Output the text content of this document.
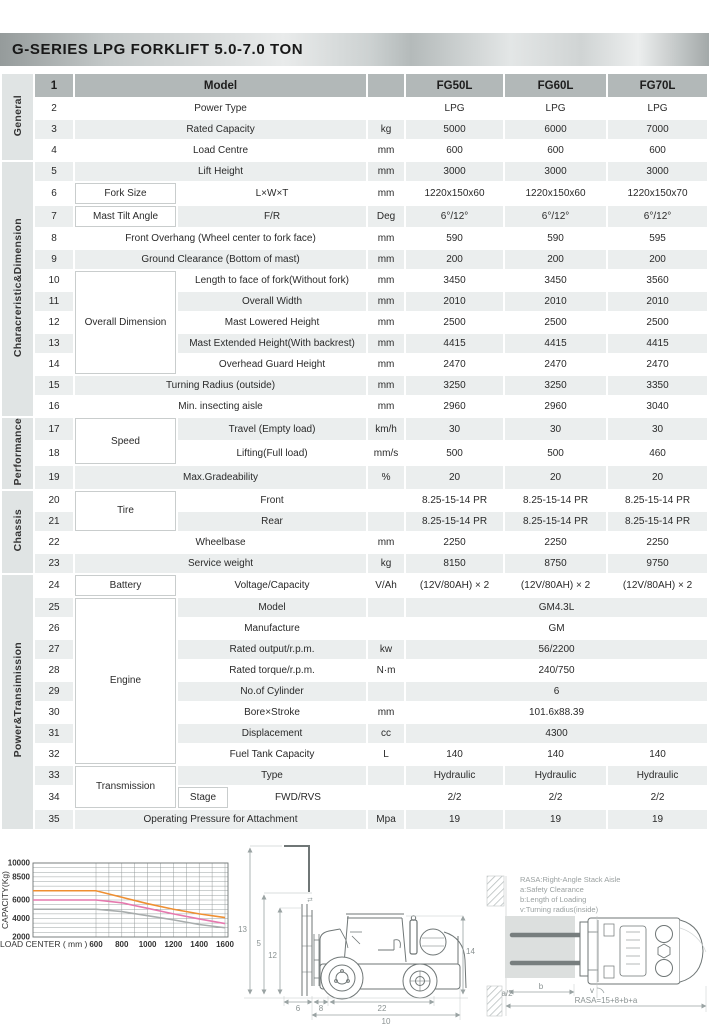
G-SERIES LPG FORKLIFT 5.0-7.0 TON
General	1	Model				FG50L	FG60L	FG70L
	2	Power Type				LPG	LPG	LPG
	3	Rated Capacity			kg	5000	6000	7000
	4	Load Centre			mm	600	600	600
Characreristic&Dimension	5	Lift Height			mm	3000	3000	3000
	6	Fork Size	L×W×T		mm	1220x150x60	1220x150x60	1220x150x70
	7	Mast Tilt Angle	F/R		Deg	6°/12°	6°/12°	6°/12°
	8	Front Overhang (Wheel center to fork face)			mm	590	590	595
	9	Ground Clearance (Bottom of mast)			mm	200	200	200
	10	Overall Dimension	Length to face of fork(Without fork)		mm	3450	3450	3560
	11		Overall Width		mm	2010	2010	2010
	12		Mast Lowered Height		mm	2500	2500	2500
	13		Mast Extended Height(With backrest)		mm	4415	4415	4415
	14		Overhead Guard Height		mm	2470	2470	2470
	15	Turning Radius (outside)			mm	3250	3250	3350
	16	Min. insecting aisle			mm	2960	2960	3040
Performance	17	Speed	Travel (Empty load)		km/h	30	30	30
	18		Lifting(Full load)		mm/s	500	500	460
	19	Max.Gradeability			%	20	20	20
Chassis	20	Tire	Front			8.25-15-14 PR	8.25-15-14 PR	8.25-15-14 PR
	21		Rear			8.25-15-14 PR	8.25-15-14 PR	8.25-15-14 PR
	22	Wheelbase			mm	2250	2250	2250
	23	Service weight			kg	8150	8750	9750
Power&Transimission	24	Battery	Voltage/Capacity		V/Ah	(12V/80AH) × 2	(12V/80AH) × 2	(12V/80AH) × 2
	25	Engine	Model			GM4.3L		
	26		Manufacture			GM		
	27		Rated output/r.p.m.		kw	56/2200		
	28		Rated torque/r.p.m.		N·m	240/750		
	29		No.of Cylinder			6		
	30		Bore×Stroke		mm	101.6x88.39		
	31		Displacement		cc	4300		
	32		Fuel Tank Capacity		L	140	140	140
	33	Transmission	Type			Hydraulic	Hydraulic	Hydraulic
	34		Stage	FWD/RVS		2/2	2/2	2/2
	35	Operating Pressure for Attachment			Mpa	19	19	19
10000
8500
6000
4000
2000
600 800 1000 1200 1400 1600
LOAD CENTER ( mm )
CAPACITY(Kg)	⇄
13
5
12	14
6 8	22
10
RASA:Right-Angle Stack Aisle
a:Safety Clearance
b:Length of Loading
v:Turning radius(inside)
b
a/2	v
RASA=15+8+b+a
